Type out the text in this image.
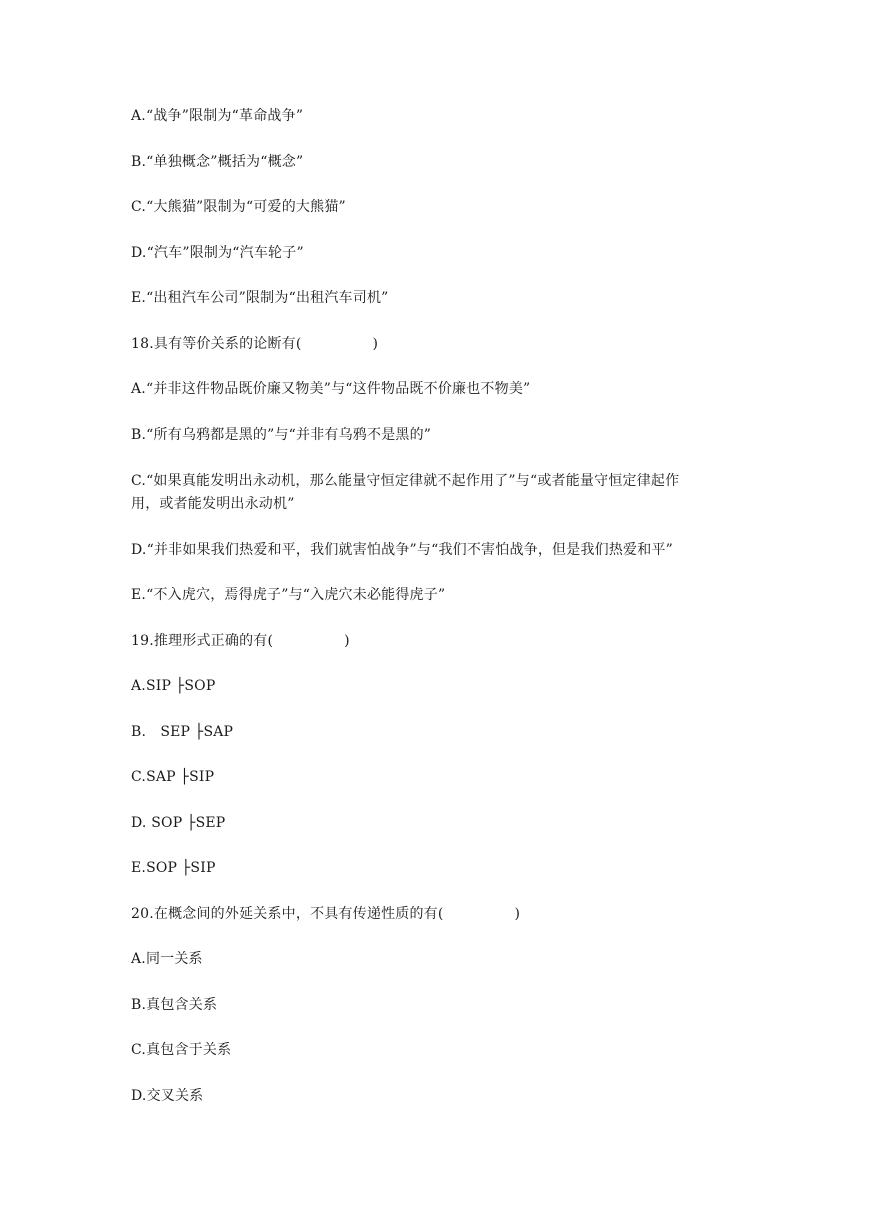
A.“战争”限制为“革命战争”
B.“单独概念”概括为“概念”
C.“大熊猫”限制为“可爱的大熊猫”
D.“汽车”限制为“汽车轮子”
E.“出租汽车公司”限制为“出租汽车司机”
18.具有等价关系的论断有(　　　　　)
A.“并非这件物品既价廉又物美”与“这件物品既不价廉也不物美”
B.“所有乌鸦都是黑的”与“并非有乌鸦不是黑的”
C.“如果真能发明出永动机，那么能量守恒定律就不起作用了”与“或者能量守恒定律起作
用，或者能发明出永动机”
D.“并非如果我们热爱和平，我们就害怕战争”与“我们不害怕战争，但是我们热爱和平”
E.“不入虎穴，焉得虎子”与“入虎穴未必能得虎子”
19.推理形式正确的有(　　　　　)
A.SIP ├SOP
B.　SEP ├SAP
C.SAP ├SIP
D. SOP ├SEP
E.SOP ├SIP
20.在概念间的外延关系中，不具有传递性质的有(　　　　　)
A.同一关系
B.真包含关系
C.真包含于关系
D.交叉关系
